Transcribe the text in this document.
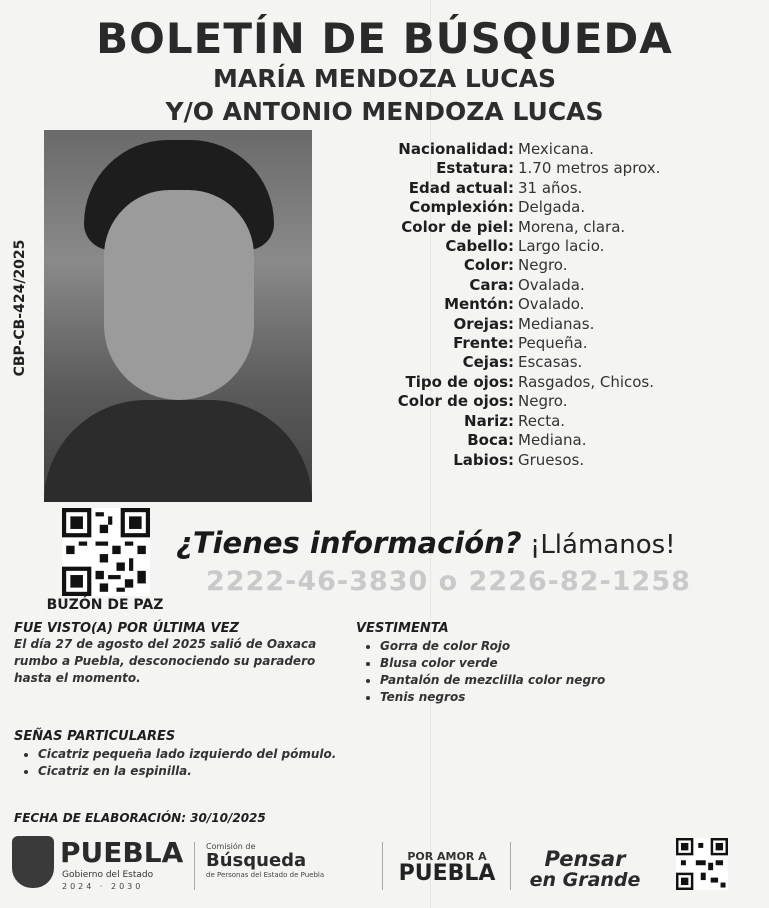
BOLETÍN DE BÚSQUEDA
MARÍA MENDOZA LUCAS
Y/O ANTONIO MENDOZA LUCAS
CBP-CB-424/2025
Nacionalidad: Mexicana.
Estatura: 1.70 metros aprox.
Edad actual: 31 años.
Complexión: Delgada.
Color de piel: Morena, clara.
Cabello: Largo lacio.
Color: Negro.
Cara: Ovalada.
Mentón: Ovalado.
Orejas: Medianas.
Frente: Pequeña.
Cejas: Escasas.
Tipo de ojos: Rasgados, Chicos.
Color de ojos: Negro.
Nariz: Recta.
Boca: Mediana.
Labios: Gruesos.
BUZÓN DE PAZ
¿Tienes información? ¡Llámanos!
2222-46-3830 o 2226-82-1258
FUE VISTO(A) POR ÚLTIMA VEZ
El día 27 de agosto del 2025 salió de Oaxaca rumbo a Puebla, desconociendo su paradero hasta el momento.
VESTIMENTA
• Gorra de color Rojo
• Blusa color verde
• Pantalón de mezclilla color negro
• Tenis negros
SEÑAS PARTICULARES
• Cicatriz pequeña lado izquierdo del pómulo.
• Cicatriz en la espinilla.
FECHA DE ELABORACIÓN: 30/10/2025
PUEBLA
Gobierno del Estado
2024 · 2030
Comisión de
Búsqueda
de Personas del Estado de Puebla
POR AMOR A
PUEBLA
Pensar
en Grande
